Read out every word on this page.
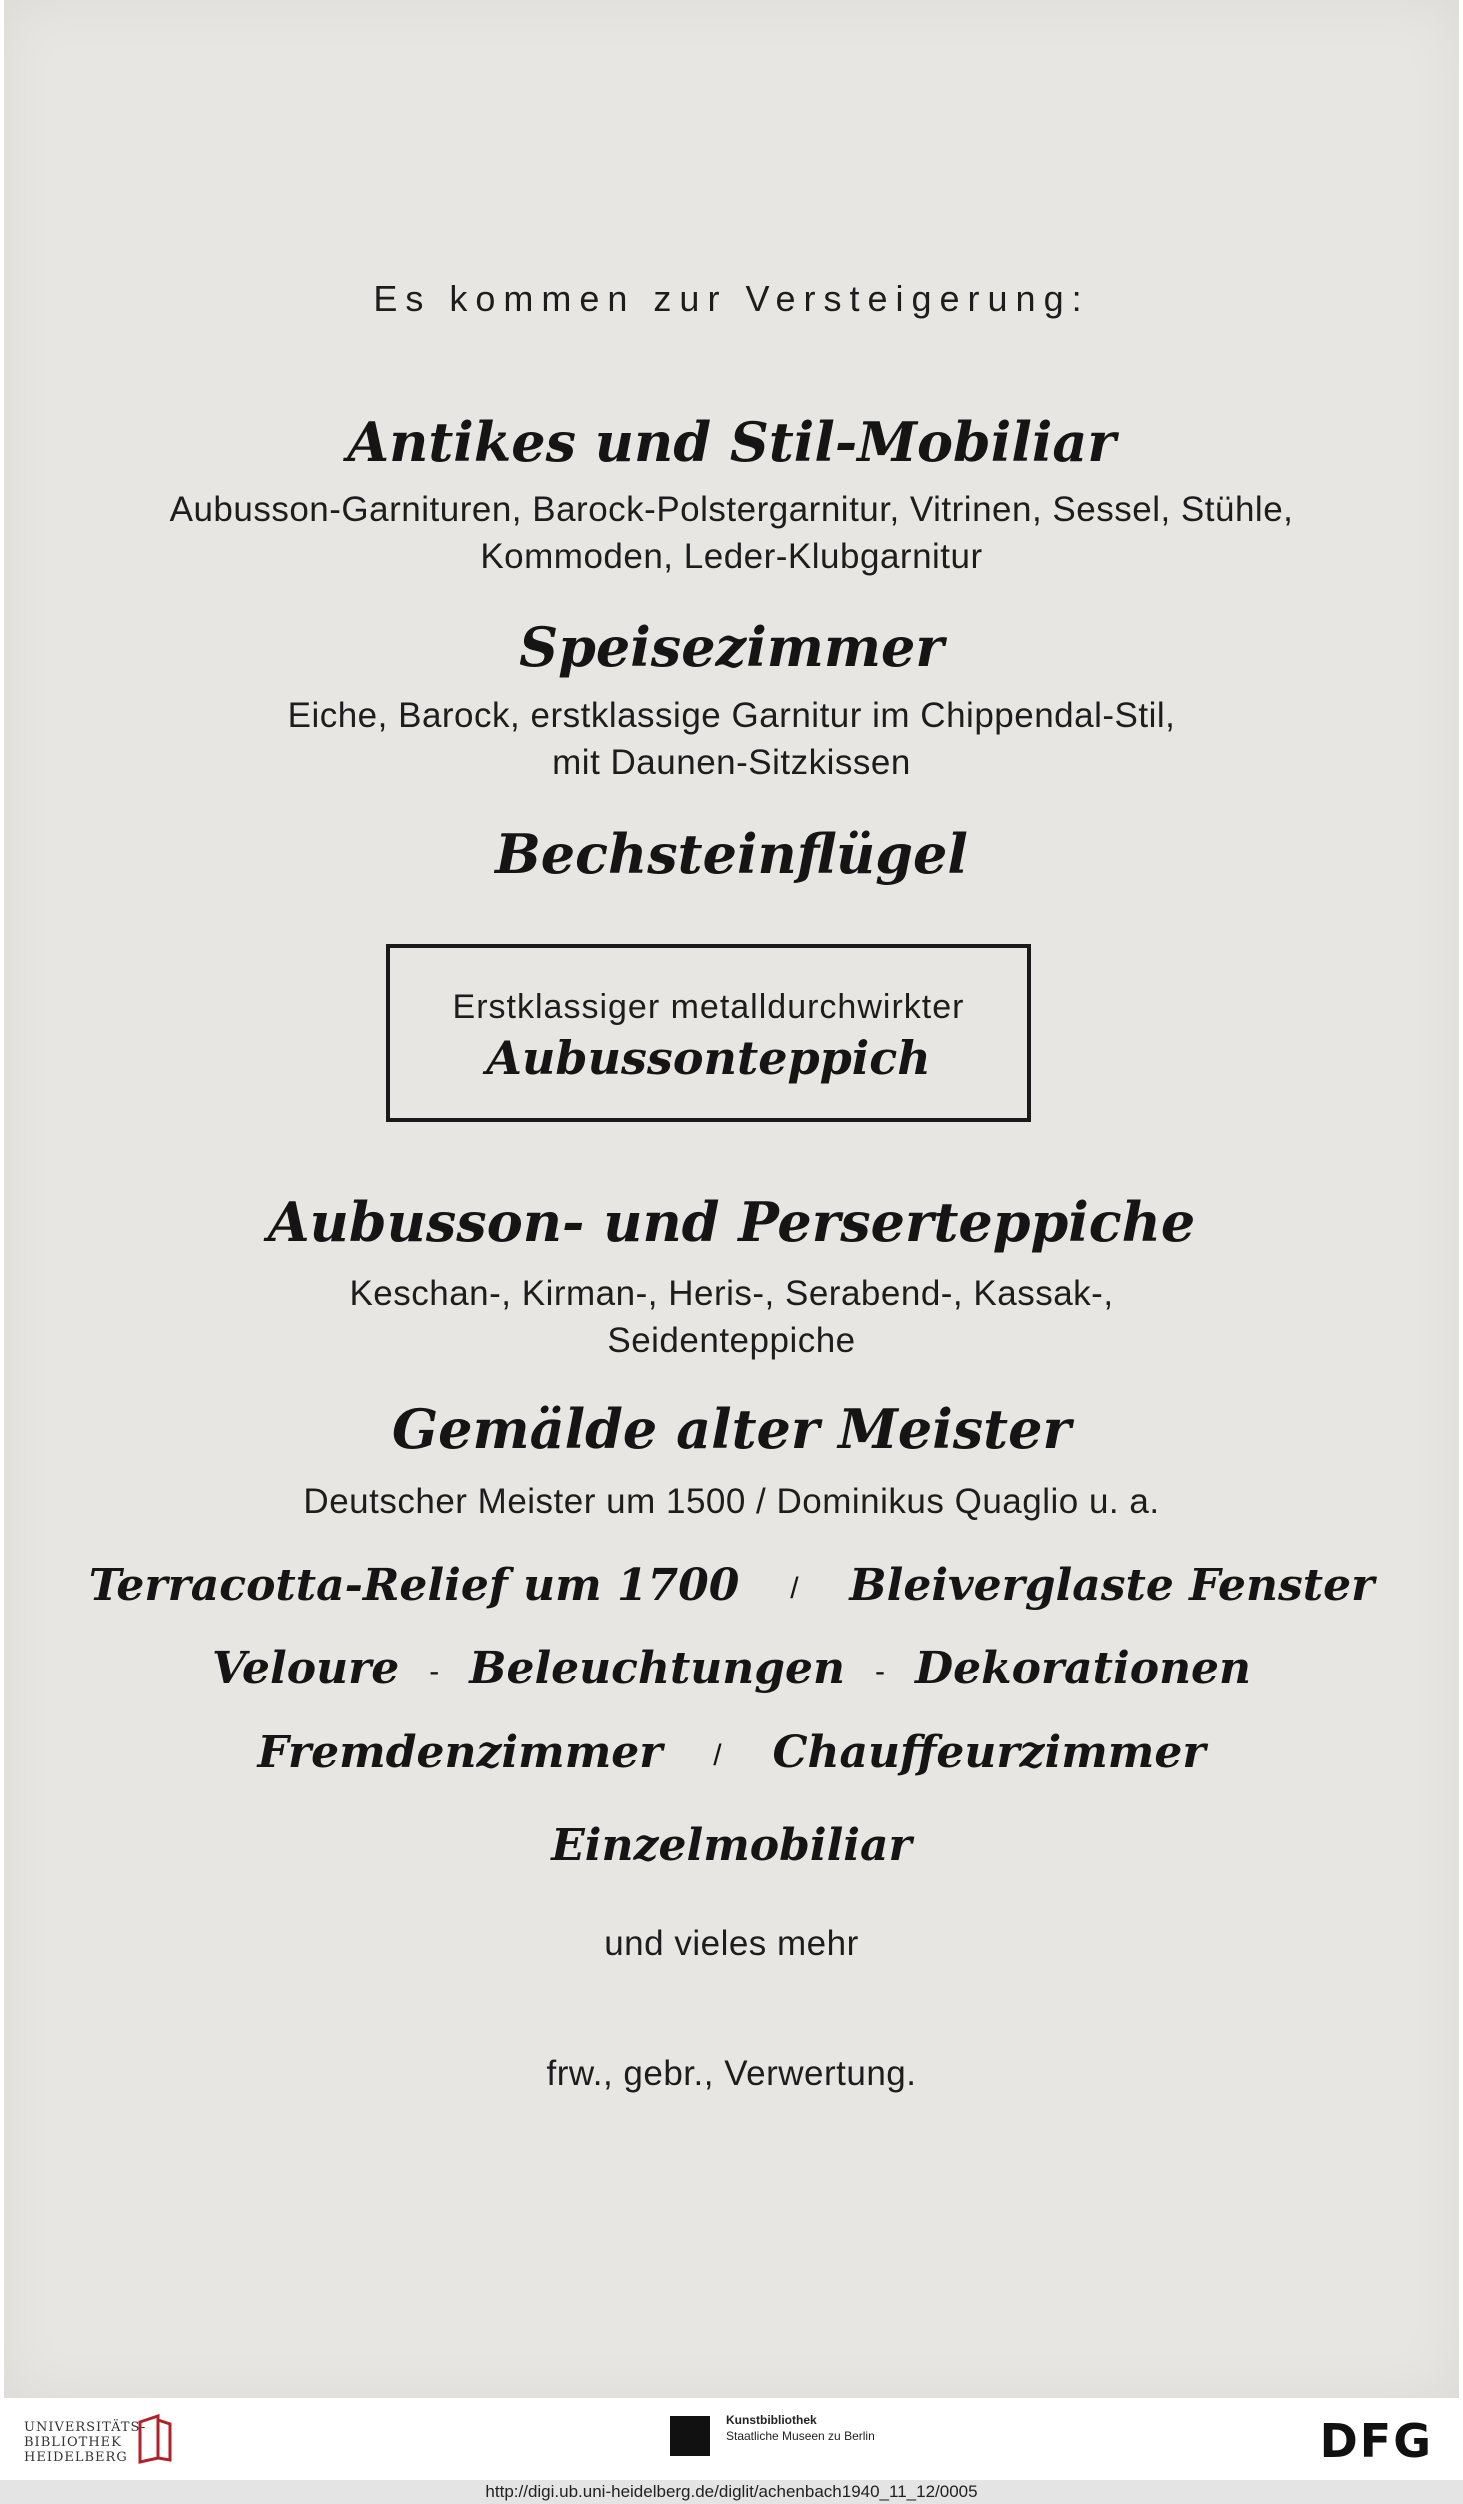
Es kommen zur Versteigerung:
Antikes und Stil-Mobiliar
Aubusson-Garnituren, Barock-Polstergarnitur, Vitrinen, Sessel, Stühle,
Kommoden, Leder-Klubgarnitur
Speisezimmer
Eiche, Barock, erstklassige Garnitur im Chippendal-Stil,
mit Daunen-Sitzkissen
Bechsteinflügel
Erstklassiger metalldurchwirkter
Aubussonteppich
Aubusson- und Perserteppiche
Keschan-, Kirman-, Heris-, Serabend-, Kassak-,
Seidenteppiche
Gemälde alter Meister
Deutscher Meister um 1500 / Dominikus Quaglio u. a.
Terracotta-Relief um 1700 / Bleiverglaste Fenster
Veloure - Beleuchtungen - Dekorationen
Fremdenzimmer / Chauffeurzimmer
Einzelmobiliar
und vieles mehr
frw., gebr., Verwertung.
UNIVERSITÄTS-
BIBLIOTHEK
HEIDELBERG
Kunstbibliothek
Staatliche Museen zu Berlin	DFG
http://digi.ub.uni-heidelberg.de/diglit/achenbach1940_11_12/0005
